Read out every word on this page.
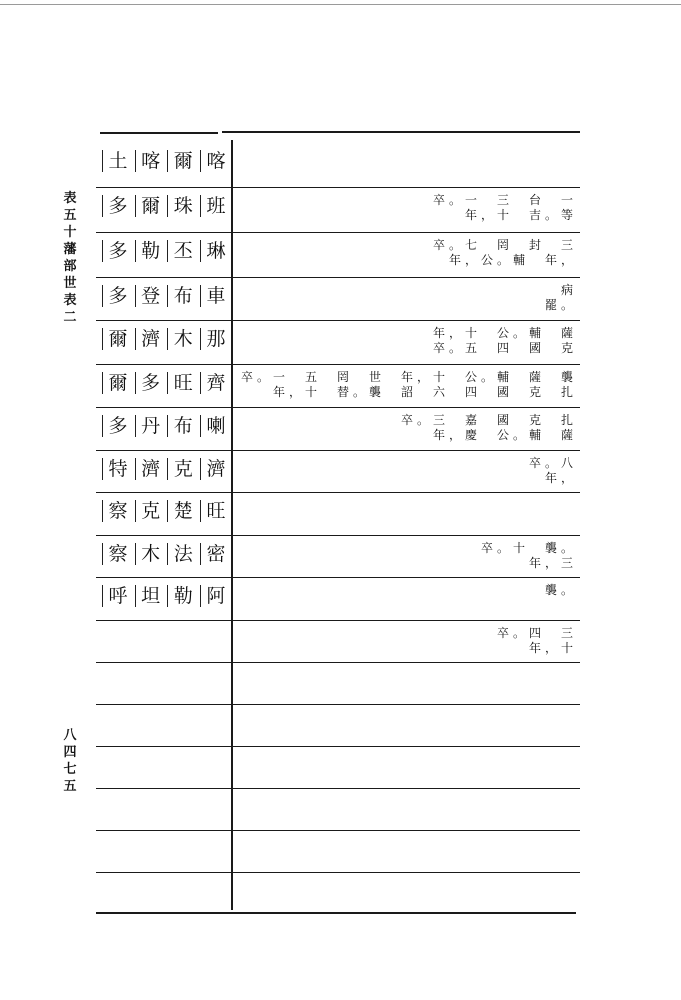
表五十 藩部世表二
八四七五
土 喀 爾 喀
多 爾 珠 班
多 勒 丕 琳
多 登 布 車
爾 濟 木 那
爾 多 旺 齊
多 丹 布 喇
特 濟 克 濟
察 克 楚 旺
察 木 法 密
呼 坦 勒 阿
卒。一　三　台　一
　　年，十　吉。等
卒。七　罔　封　三
　　年，公。輔　年，
　病
　罷。
年，十　公。輔　薩
卒。五　四　國　克
卒。一　五　罔　世　年，十　公。輔　薩　襲
　　年，十　替。襲　詔　六　四　國　克　扎
卒。三　嘉　國　克　扎
　　年，慶　公。輔　薩
卒。八
　　年，
卒。十　襲。
　　年，三
襲。
卒。四　三
　　年，十
